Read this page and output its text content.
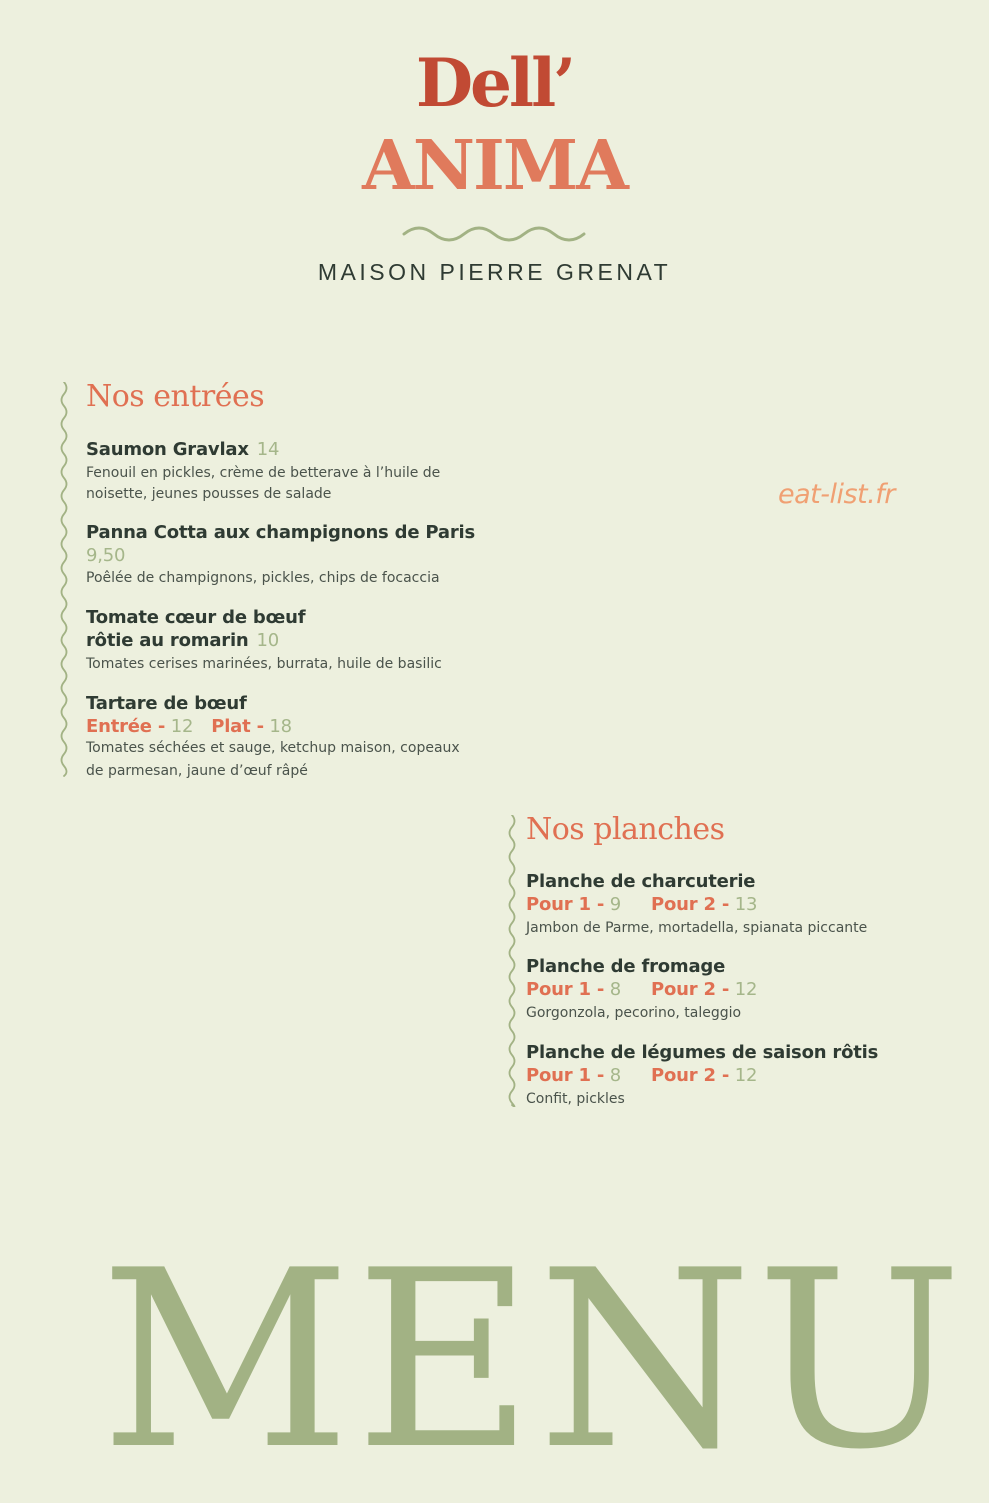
Dell’
ANIMA
MAISON PIERRE GRENAT
eat-list.fr
Nos entrées
Saumon Gravlax 14
Fenouil en pickles, crème de betterave à l’huile de
noisette, jeunes pousses de salade
Panna Cotta aux champignons de Paris
9,50
Poêlée de champignons, pickles, chips de focaccia
Tomate cœur de bœuf
rôtie au romarin 10
Tomates cerises marinées, burrata, huile de basilic
Tartare de bœuf
Entrée - 12 Plat - 18
Tomates séchées et sauge, ketchup maison, copeaux
de parmesan, jaune d’œuf râpé
Nos planches
Planche de charcuterie
Pour 1 - 9 Pour 2 - 13
Jambon de Parme, mortadella, spianata piccante
Planche de fromage
Pour 1 - 8 Pour 2 - 12
Gorgonzola, pecorino, taleggio
Planche de légumes de saison rôtis
Pour 1 - 8 Pour 2 - 12
Confit, pickles
MENU
